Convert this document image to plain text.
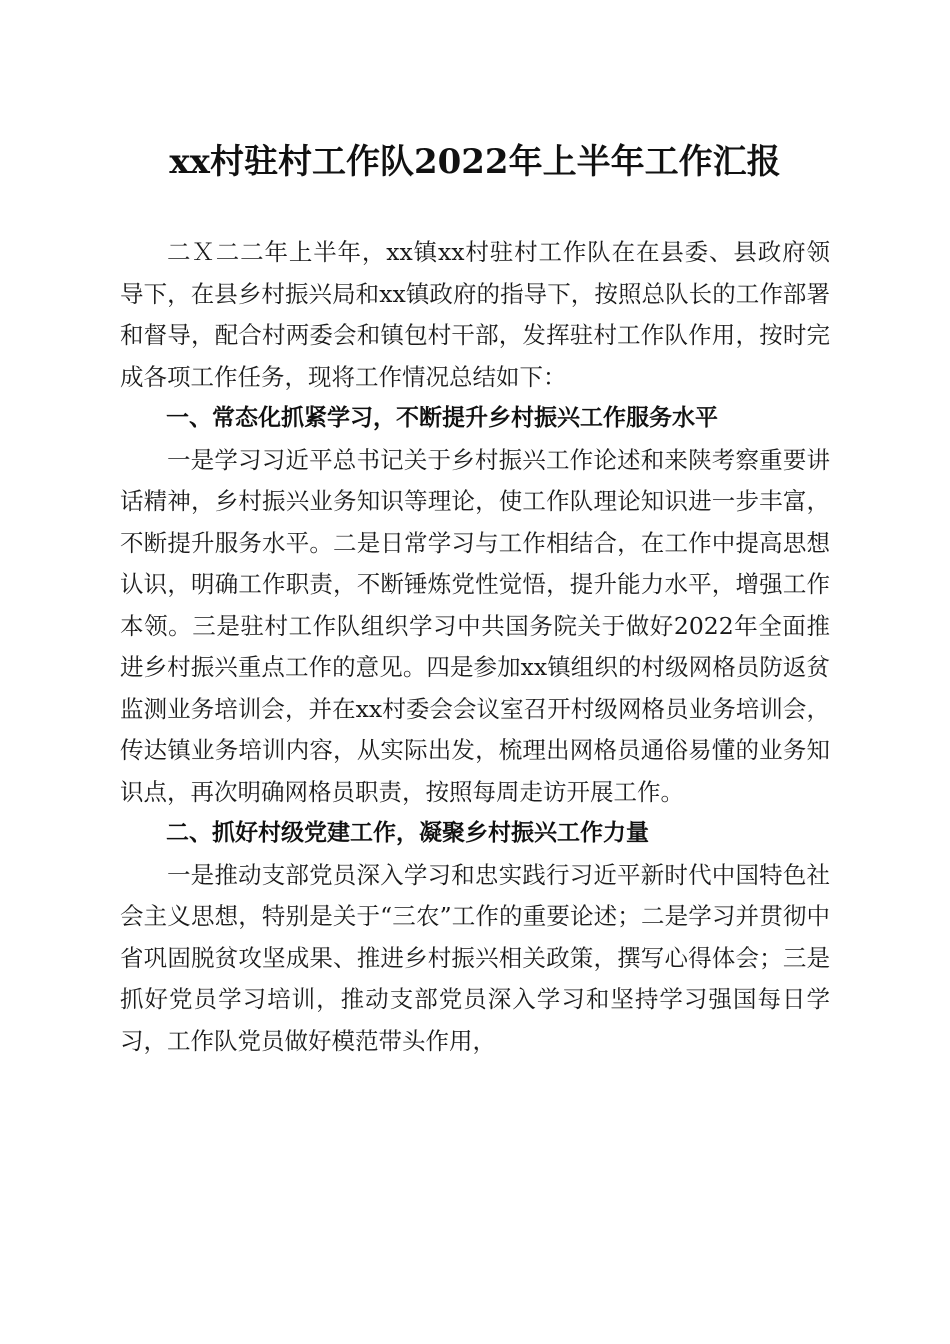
xx村驻村工作队2022年上半年工作汇报

二Ｘ二二年上半年，xx镇xx村驻村工作队在在县委、县政府领导下，在县乡村振兴局和xx镇政府的指导下，按照总队长的工作部署和督导，配合村两委会和镇包村干部，发挥驻村工作队作用，按时完成各项工作任务，现将工作情况总结如下：

一、常态化抓紧学习，不断提升乡村振兴工作服务水平

一是学习习近平总书记关于乡村振兴工作论述和来陕考察重要讲话精神，乡村振兴业务知识等理论，使工作队理论知识进一步丰富，不断提升服务水平。二是日常学习与工作相结合，在工作中提高思想认识，明确工作职责，不断锤炼党性觉悟，提升能力水平，增强工作本领。三是驻村工作队组织学习中共国务院关于做好2022年全面推进乡村振兴重点工作的意见。四是参加xx镇组织的村级网格员防返贫监测业务培训会，并在xx村委会会议室召开村级网格员业务培训会，传达镇业务培训内容，从实际出发，梳理出网格员通俗易懂的业务知识点，再次明确网格员职责，按照每周走访开展工作。

二、抓好村级党建工作，凝聚乡村振兴工作力量

一是推动支部党员深入学习和忠实践行习近平新时代中国特色社会主义思想，特别是关于“三农”工作的重要论述；二是学习并贯彻中省巩固脱贫攻坚成果、推进乡村振兴相关政策，撰写心得体会；三是抓好党员学习培训，推动支部党员深入学习和坚持学习强国每日学习，工作队党员做好模范带头作用，
